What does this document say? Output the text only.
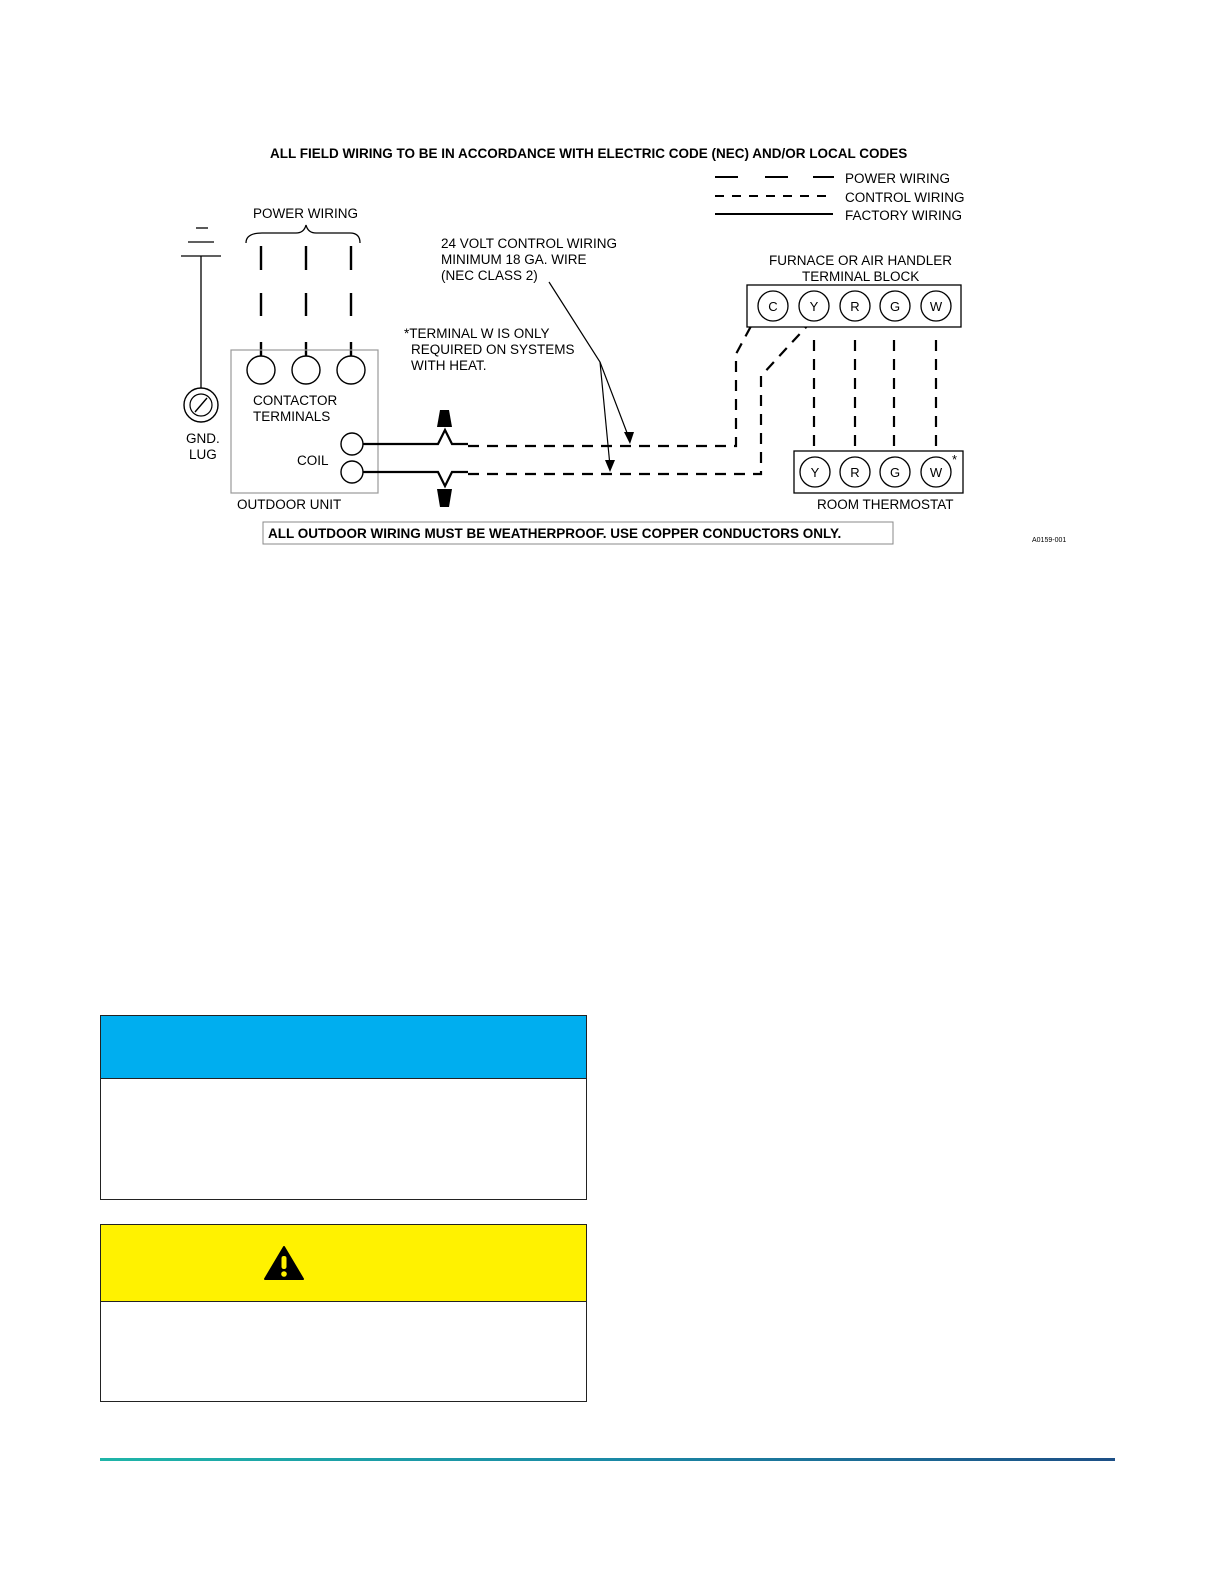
ALL FIELD WIRING TO BE IN ACCORDANCE WITH ELECTRIC CODE (NEC) AND/OR LOCAL CODES
POWER WIRING
CONTROL WIRING
FACTORY WIRING
POWER WIRING
CONTACTOR
TERMINALS
COIL
OUTDOOR UNIT
GND.
LUG
24 VOLT CONTROL WIRING
MINIMUM 18 GA. WIRE
(NEC CLASS 2)
*TERMINAL W IS ONLY
REQUIRED ON SYSTEMS
WITH HEAT.
FURNACE OR AIR HANDLER
TERMINAL BLOCK
C Y R G W
Y R G W
*
ROOM THERMOSTAT
ALL OUTDOOR WIRING MUST BE WEATHERPROOF. USE COPPER CONDUCTORS ONLY.	A0159-001
